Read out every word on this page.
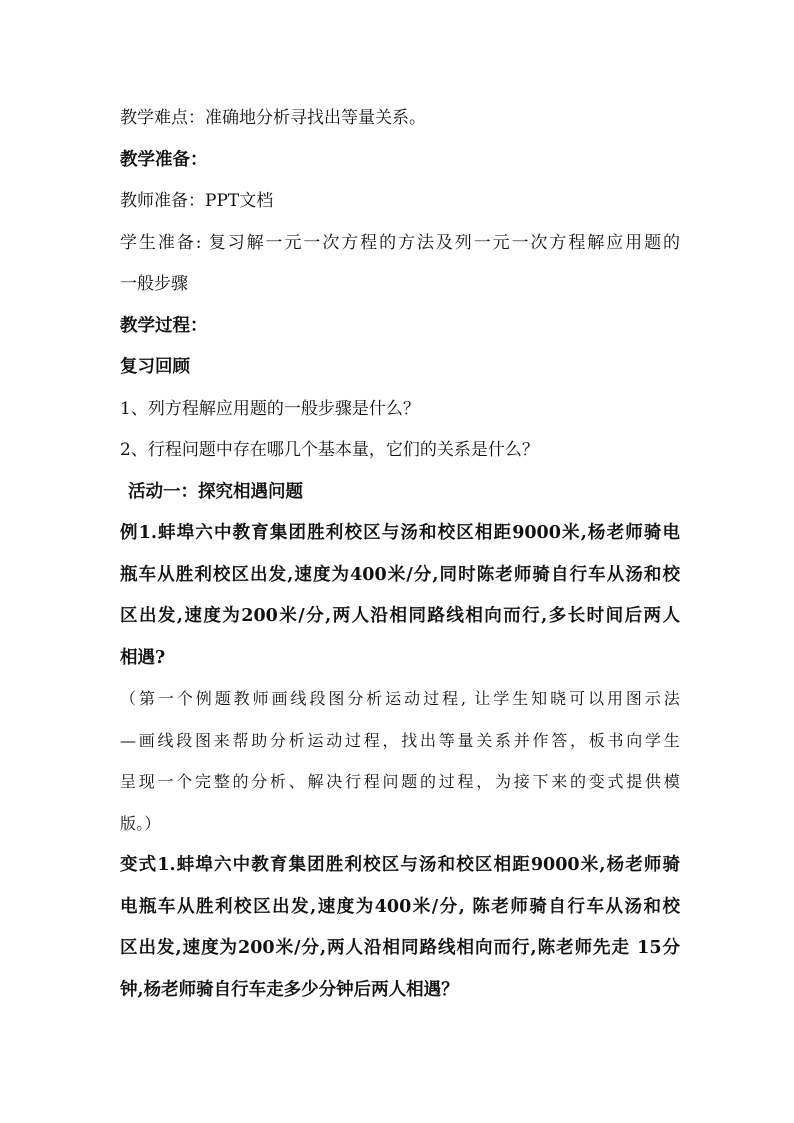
教学难点：准确地分析寻找出等量关系。
教学准备：
教师准备：PPT文档
学生准备: 复习解一元一次方程的方法及列一元一次方程解应用题的
一般步骤
教学过程：
复习回顾
1、列方程解应用题的一般步骤是什么？
2、行程问题中存在哪几个基本量，它们的关系是什么？
活动一：探究相遇问题
例1.蚌埠六中教育集团胜利校区与汤和校区相距9000米,杨老师骑电
瓶车从胜利校区出发,速度为400米/分,同时陈老师骑自行车从汤和校
区出发,速度为200米/分,两人沿相同路线相向而行,多长时间后两人
相遇?
（第一个例题教师画线段图分析运动过程, 让学生知晓可以用图示法
—画线段图来帮助分析运动过程，找出等量关系并作答，板书向学生
呈现一个完整的分析、解决行程问题的过程，为接下来的变式提供模
版。）
变式1.蚌埠六中教育集团胜利校区与汤和校区相距9000米,杨老师骑
电瓶车从胜利校区出发,速度为400米/分, 陈老师骑自行车从汤和校
区出发,速度为200米/分,两人沿相同路线相向而行,陈老师先走 15分
钟,杨老师骑自行车走多少分钟后两人相遇？
